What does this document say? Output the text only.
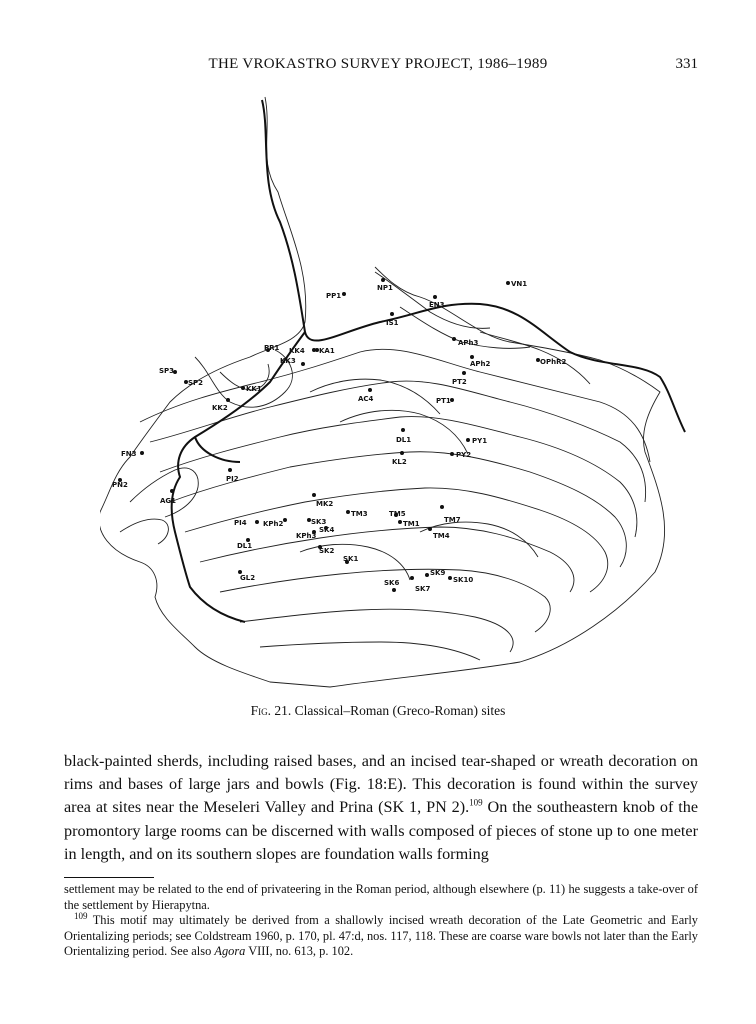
THE VROKASTRO SURVEY PROJECT, 1986–1989	331
PP1
NP1
EN3
VN1
IS1
APh3
APh2	OPhR2
PR1 KK4 KA1
KK3
SP3
SP2
KK1
KK2
AC4
PT2
PT1
DL1	PY1
KL2
PY2
FN3
PN2
PI2
AG1	MK2
PI4 KPh2	SK3
TM3	TM5
TM1	TM7
TM4
KPh3
DL1
SK4
SK2
SK1
SK6
SK9
SK10
SK7
GL2
Fig. 21. Classical–Roman (Greco-Roman) sites

black-painted sherds, including raised bases, and an incised tear-shaped or wreath decoration on rims and bases of large jars and bowls (Fig. 18:E). This decoration is found within the survey area at sites near the Meseleri Valley and Prina (SK 1, PN 2).$^{109}$ On the southeastern knob of the promontory large rooms can be discerned with walls composed of pieces of stone up to one meter in length, and on its southern slopes are foundation walls forming

settlement may be related to the end of privateering in the Roman period, although elsewhere (p. 11) he suggests a take-over of the settlement by Hierapytna.

$^{109}$ This motif may ultimately be derived from a shallowly incised wreath decoration of the Late Geometric and Early Orientalizing periods; see Coldstream 1960, p. 170, pl. 47:d, nos. 117, 118. These are coarse ware bowls not later than the Early Orientalizing period. See also Agora VIII, no. 613, p. 102.
